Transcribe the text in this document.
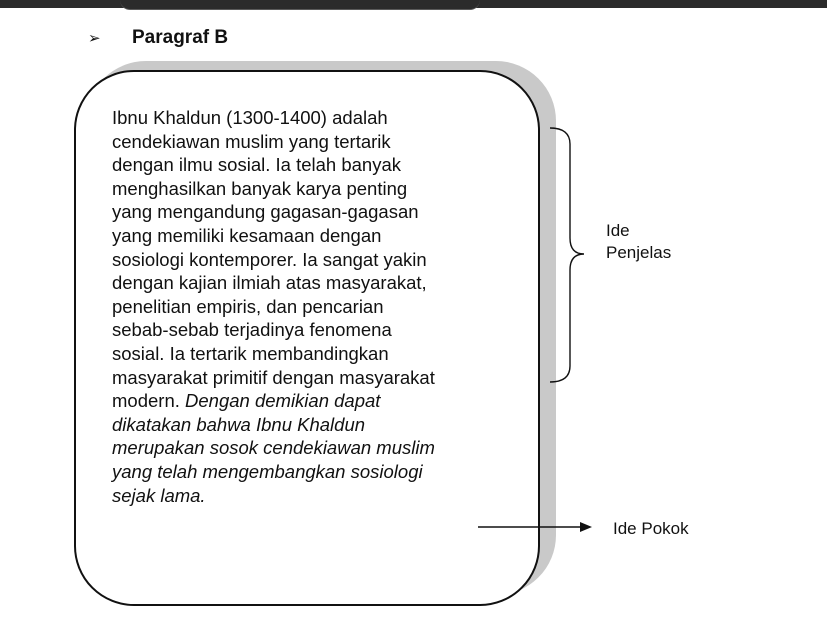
➢	Paragraf B
Ibnu Khaldun (1300-1400) adalah
cendekiawan muslim yang tertarik
dengan ilmu sosial. Ia telah banyak
menghasilkan banyak karya penting
yang mengandung gagasan-gagasan
yang memiliki kesamaan dengan
sosiologi kontemporer. Ia sangat yakin
dengan kajian ilmiah atas masyarakat,
penelitian empiris, dan pencarian
sebab-sebab terjadinya fenomena
sosial. Ia tertarik membandingkan
masyarakat primitif dengan masyarakat
modern. Dengan demikian dapat
dikatakan bahwa Ibnu Khaldun
merupakan sosok cendekiawan muslim
yang telah mengembangkan sosiologi
sejak lama.
Ide
Penjelas
Ide Pokok
